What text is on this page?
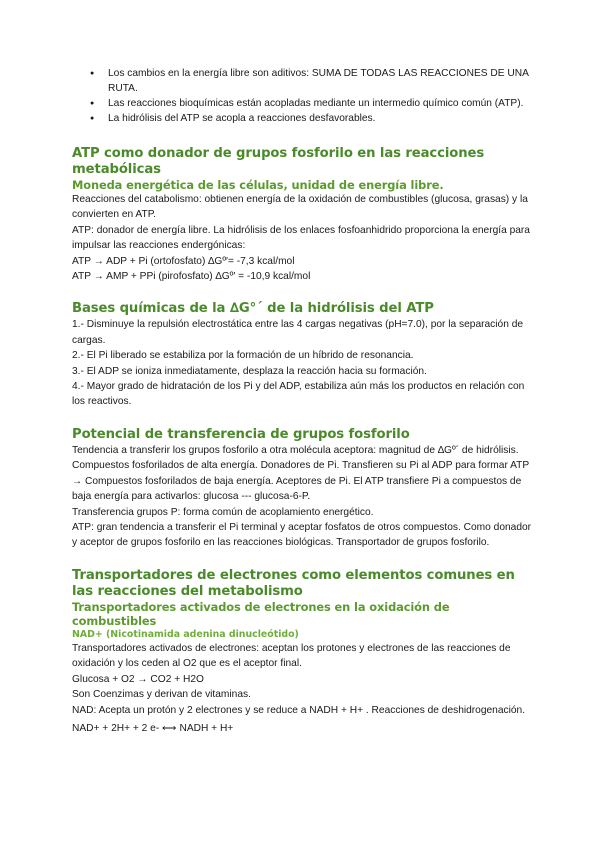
● Los cambios en la energía libre son aditivos: SUMA DE TODAS LAS REACCIONES DE UNA RUTA.
● Las reacciones bioquímicas están acopladas mediante un intermedio químico común (ATP).
● La hidrólisis del ATP se acopla a reacciones desfavorables.
ATP como donador de grupos fosforilo en las reacciones metabólicas
Moneda energética de las células, unidad de energía libre.

Reacciones del catabolismo: obtienen energía de la oxidación de combustibles (glucosa, grasas) y la convierten en ATP.

ATP: donador de energía libre. La hidrólisis de los enlaces fosfoanhidrido proporciona la energía para impulsar las reacciones endergónicas:

ATP → ADP + Pi (ortofosfato) ∆Gº′= -7,3 kcal/mol

ATP → AMP + PPi (pirofosfato) ∆Gº′ = -10,9 kcal/mol

Bases químicas de la ∆G°´ de la hidrólisis del ATP

1.- Disminuye la repulsión electrostática entre las 4 cargas negativas (pH=7.0), por la separación de cargas.

2.- El Pi liberado se estabiliza por la formación de un híbrido de resonancia.

3.- El ADP se ioniza inmediatamente, desplaza la reacción hacia su formación.

4.- Mayor grado de hidratación de los Pi y del ADP, estabiliza aún más los productos en relación con los reactivos.

Potencial de transferencia de grupos fosforilo

Tendencia a transferir los grupos fosforilo a otra molécula aceptora: magnitud de ∆Gº´ de hidrólisis.

Compuestos fosforilados de alta energía. Donadores de Pi. Transfieren su Pi al ADP para formar ATP → Compuestos fosforilados de baja energía. Aceptores de Pi. El ATP transfiere Pi a compuestos de baja energía para activarlos: glucosa --- glucosa-6-P.

Transferencia grupos P: forma común de acoplamiento energético.

ATP: gran tendencia a transferir el Pi terminal y aceptar fosfatos de otros compuestos. Como donador y aceptor de grupos fosforilo en las reacciones biológicas. Transportador de grupos fosforilo.

Transportadores de electrones como elementos comunes en las reacciones del metabolismo
Transportadores activados de electrones en la oxidación de combustibles
NAD+ (Nicotinamida adenina dinucleótido)

Transportadores activados de electrones: aceptan los protones y electrones de las reacciones de oxidación y los ceden al O2 que es el aceptor final.

Glucosa + O2 → CO2 + H2O

Son Coenzimas y derivan de vitaminas.

NAD: Acepta un protón y 2 electrones y se reduce a NADH + H+ . Reacciones de deshidrogenación. NAD+ + 2H+ + 2 e- ⟷ NADH + H+
